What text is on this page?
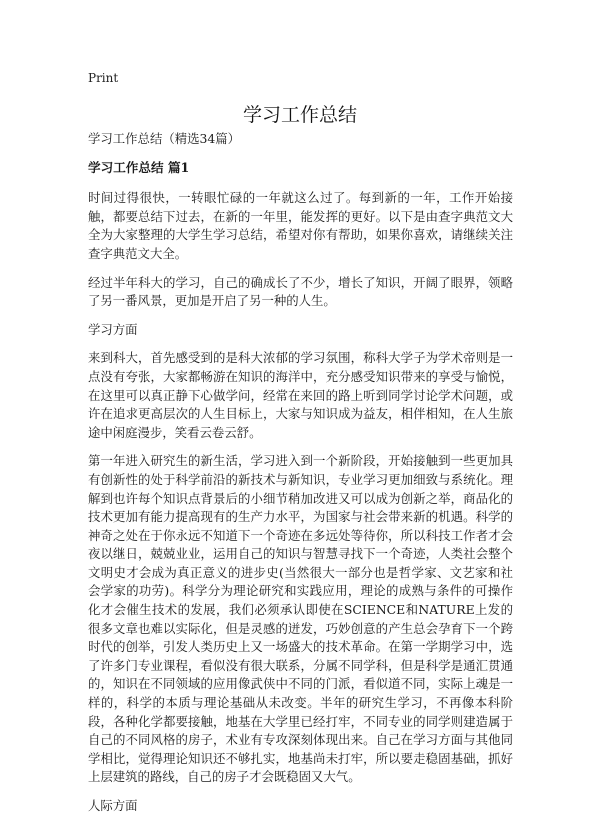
Print
学习工作总结

学习工作总结（精选34篇）

学习工作总结 篇1

时间过得很快，一转眼忙碌的一年就这么过了。每到新的一年，工作开始接触，都要总结下过去，在新的一年里，能发挥的更好。以下是由查字典范文大全为大家整理的大学生学习总结，希望对你有帮助，如果你喜欢，请继续关注查字典范文大全。

经过半年科大的学习，自己的确成长了不少，增长了知识，开阔了眼界，领略了另一番风景，更加是开启了另一种的人生。

学习方面

来到科大，首先感受到的是科大浓郁的学习氛围，称科大学子为学术帝则是一点没有夸张，大家都畅游在知识的海洋中，充分感受知识带来的享受与愉悦，在这里可以真正静下心做学问，经常在来回的路上听到同学讨论学术问题，或许在追求更高层次的人生目标上，大家与知识成为益友，相伴相知，在人生旅途中闲庭漫步，笑看云卷云舒。

第一年进入研究生的新生活，学习进入到一个新阶段，开始接触到一些更加具有创新性的处于科学前沿的新技术与新知识，专业学习更加细致与系统化。理解到也许每个知识点背景后的小细节稍加改进又可以成为创新之举，商品化的技术更加有能力提高现有的生产力水平，为国家与社会带来新的机遇。科学的神奇之处在于你永远不知道下一个奇迹在多远处等待你，所以科技工作者才会夜以继日，兢兢业业，运用自己的知识与智慧寻找下一个奇迹，人类社会整个文明史才会成为真正意义的进步史(当然很大一部分也是哲学家、文艺家和社会学家的功劳)。科学分为理论研究和实践应用，理论的成熟与条件的可操作化才会催生技术的发展，我们必须承认即使在SCIENCE和NATURE上发的很多文章也难以实际化，但是灵感的迸发，巧妙创意的产生总会孕育下一个跨时代的创举，引发人类历史上又一场盛大的技术革命。在第一学期学习中，选了许多门专业课程，看似没有很大联系，分属不同学科，但是科学是通汇贯通的，知识在不同领域的应用像武侠中不同的门派，看似道不同，实际上魂是一样的，科学的本质与理论基础从未改变。半年的研究生学习，不再像本科阶段，各种化学都要接触，地基在大学里已经打牢，不同专业的同学则建造属于自己的不同风格的房子，术业有专攻深刻体现出来。自己在学习方面与其他同学相比，觉得理论知识还不够扎实，地基尚未打牢，所以要走稳固基础，抓好上层建筑的路线，自己的房子才会既稳固又大气。

人际方面
